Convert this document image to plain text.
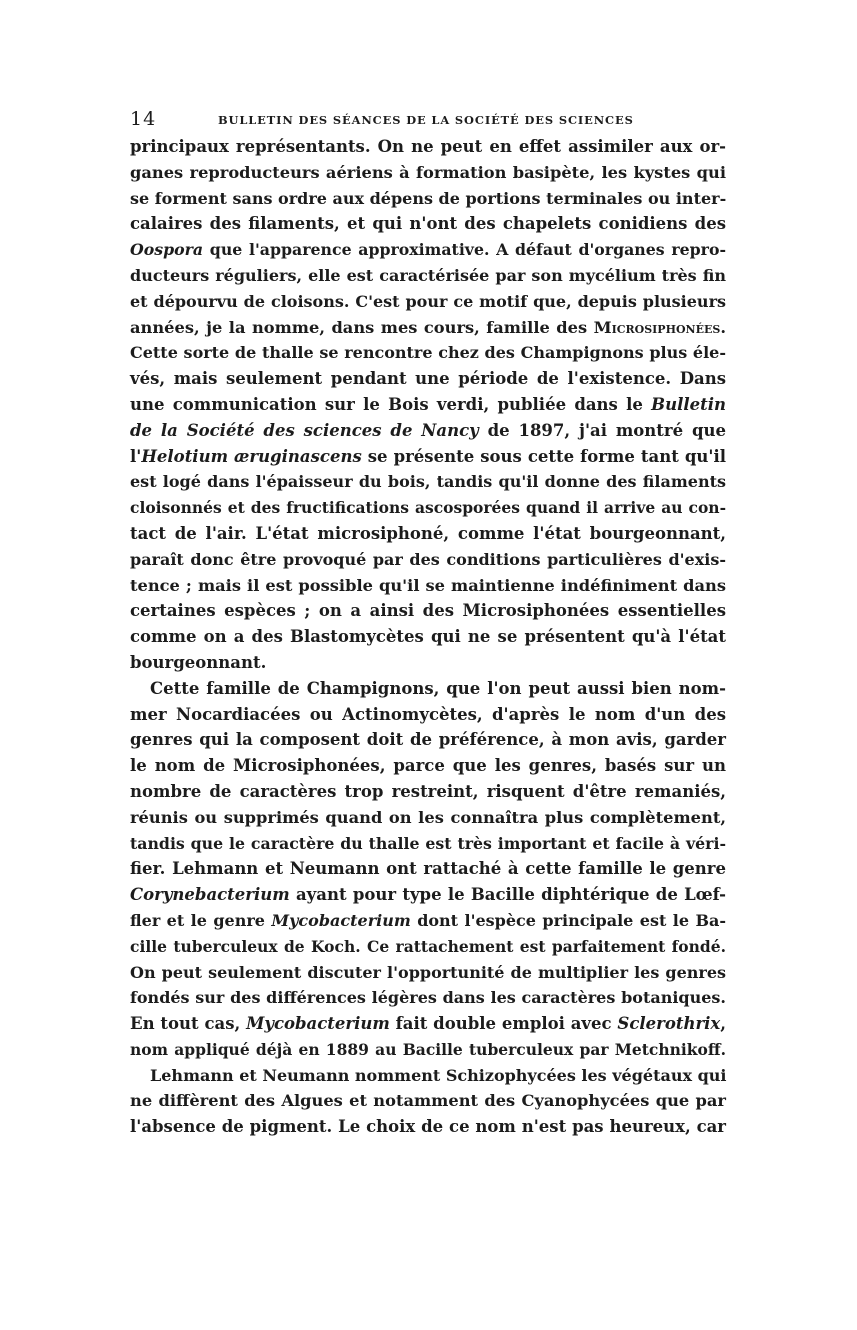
14	BULLETIN DES SÉANCES DE LA SOCIÉTÉ DES SCIENCES

principaux représentants. On ne peut en effet assimiler aux or-
ganes reproducteurs aériens à formation basipète, les kystes qui
se forment sans ordre aux dépens de portions terminales ou inter-
calaires des filaments, et qui n'ont des chapelets conidiens des
Oospora que l'apparence approximative. A défaut d'organes repro-
ducteurs réguliers, elle est caractérisée par son mycélium très fin
et dépourvu de cloisons. C'est pour ce motif que, depuis plusieurs
années, je la nomme, dans mes cours, famille des Microsiphonées.
Cette sorte de thalle se rencontre chez des Champignons plus éle-
vés, mais seulement pendant une période de l'existence. Dans
une communication sur le Bois verdi, publiée dans le Bulletin
de la Société des sciences de Nancy de 1897, j'ai montré que
l'Helotium æruginascens se présente sous cette forme tant qu'il
est logé dans l'épaisseur du bois, tandis qu'il donne des filaments
cloisonnés et des fructifications ascosporées quand il arrive au con-
tact de l'air. L'état microsiphoné, comme l'état bourgeonnant,
paraît donc être provoqué par des conditions particulières d'exis-
tence ; mais il est possible qu'il se maintienne indéfiniment dans
certaines espèces ; on a ainsi des Microsiphonées essentielles
comme on a des Blastomycètes qui ne se présentent qu'à l'état
bourgeonnant.

Cette famille de Champignons, que l'on peut aussi bien nom-
mer Nocardiacées ou Actinomycètes, d'après le nom d'un des
genres qui la composent doit de préférence, à mon avis, garder
le nom de Microsiphonées, parce que les genres, basés sur un
nombre de caractères trop restreint, risquent d'être remaniés,
réunis ou supprimés quand on les connaîtra plus complètement,
tandis que le caractère du thalle est très important et facile à véri-
fier. Lehmann et Neumann ont rattaché à cette famille le genre
Corynebacterium ayant pour type le Bacille diphtérique de Lœf-
fler et le genre Mycobacterium dont l'espèce principale est le Ba-
cille tuberculeux de Koch. Ce rattachement est parfaitement fondé.
On peut seulement discuter l'opportunité de multiplier les genres
fondés sur des différences légères dans les caractères botaniques.
En tout cas, Mycobacterium fait double emploi avec Sclerothrix,
nom appliqué déjà en 1889 au Bacille tuberculeux par Metchnikoff.

Lehmann et Neumann nomment Schizophycées les végétaux qui
ne diffèrent des Algues et notamment des Cyanophycées que par
l'absence de pigment. Le choix de ce nom n'est pas heureux, car
